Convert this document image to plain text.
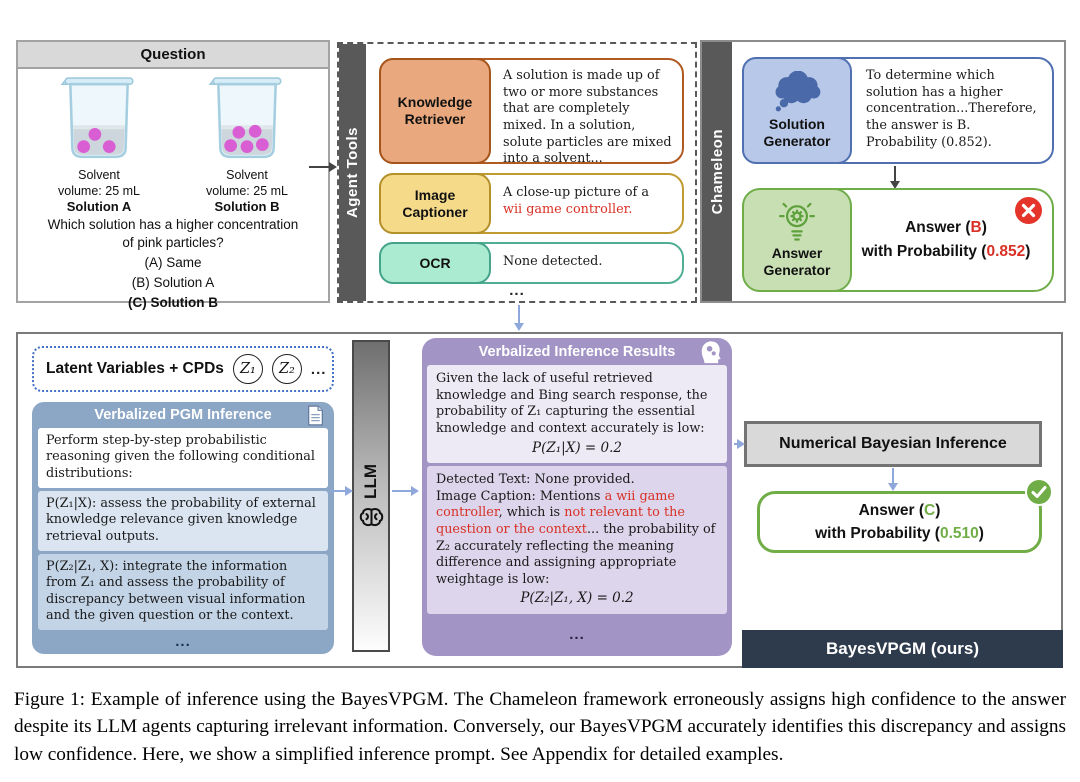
Question
Solvent
volume: 25 mL
Solution A
Solvent
volume: 25 mL
Solution B
Which solution has a higher concentration
of pink particles?
(A) Same
(B) Solution A
(C) Solution B
Agent Tools
Knowledge Retriever
A solution is made up of two or more substances that are completely mixed. In a solution, solute particles are mixed into a solvent...
Image Captioner
A close-up picture of a wii game controller.
OCR	None detected.
...
Chameleon
Solution Generator
To determine which solution has a higher concentration...Therefore, the answer is B. Probability (0.852).
Answer Generator
Answer (B)
with Probability (0.852)
Latent Variables + CPDs	Z₁	Z₂	...
Verbalized PGM Inference
Perform step-by-step probabilistic reasoning given the following conditional distributions:
P(Z₁|X): assess the probability of external knowledge relevance given knowledge retrieval outputs.
P(Z₂|Z₁, X): integrate the information from Z₁ and assess the probability of discrepancy between visual information and the given question or the context.
...
Verbalized Inference Results
Given the lack of useful retrieved knowledge and Bing search response, the probability of Z₁ capturing the essential knowledge and context accurately is low:
P(Z₁|X) = 0.2
Detected Text: None provided.
Image Caption: Mentions a wii game controller, which is not relevant to the question or the context... the probability of Z₂ accurately reflecting the meaning difference and assigning appropriate weightage is low:
P(Z₂|Z₁, X) = 0.2
...
Numerical Bayesian Inference
Answer (C)
with Probability (0.510)
BayesVPGM (ours)
LLM
Figure 1: Example of inference using the BayesVPGM. The Chameleon framework erroneously assigns high confidence to the answer despite its LLM agents capturing irrelevant information. Conversely, our BayesVPGM accurately identifies this discrepancy and assigns low confidence. Here, we show a simplified inference prompt. See Appendix for detailed examples.
